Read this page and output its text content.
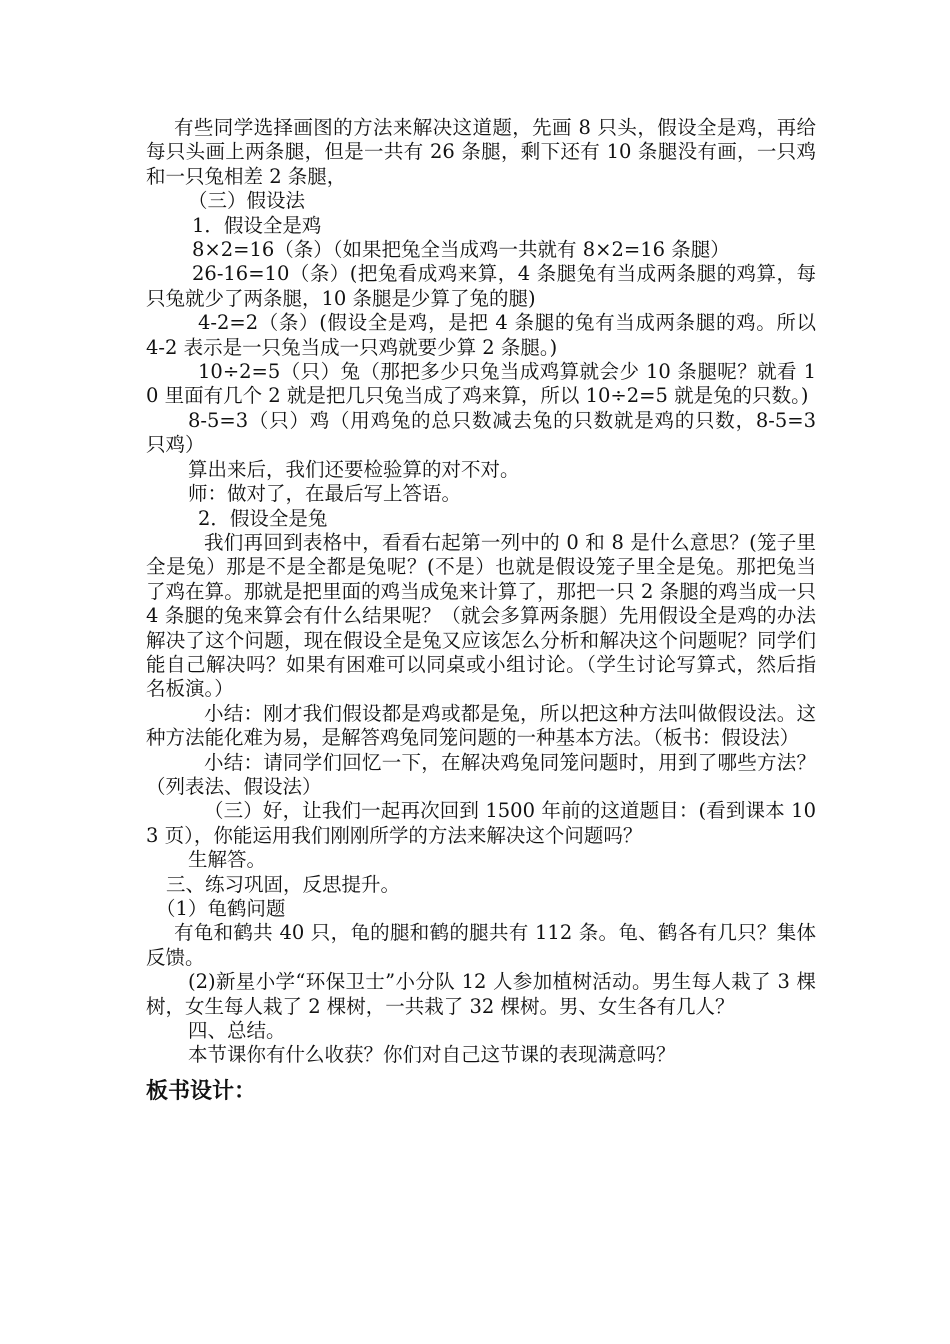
有些同学选择画图的方法来解决这道题，先画 8 只头，假设全是鸡，再给每只头画上两条腿，但是一共有 26 条腿，剩下还有 10 条腿没有画，一只鸡和一只兔相差 2 条腿，

（三）假设法

1．假设全是鸡

8×2=16（条）（如果把兔全当成鸡一共就有 8×2=16 条腿）

26-16=10（条）(把兔看成鸡来算，4 条腿兔有当成两条腿的鸡算，每只兔就少了两条腿，10 条腿是少算了兔的腿)

4-2=2（条）(假设全是鸡，是把 4 条腿的兔有当成两条腿的鸡。所以 4-2 表示是一只兔当成一只鸡就要少算 2 条腿。)

10÷2=5（只）兔（那把多少只兔当成鸡算就会少 10 条腿呢？就看 10 里面有几个 2 就是把几只兔当成了鸡来算，所以 10÷2=5 就是兔的只数。)

8-5=3（只）鸡（用鸡兔的总只数减去兔的只数就是鸡的只数，8-5=3 只鸡）

算出来后，我们还要检验算的对不对。

师：做对了，在最后写上答语。

2．假设全是兔

我们再回到表格中，看看右起第一列中的 0 和 8 是什么意思？(笼子里全是兔）那是不是全都是兔呢？(不是）也就是假设笼子里全是兔。那把兔当了鸡在算。那就是把里面的鸡当成兔来计算了，那把一只 2 条腿的鸡当成一只 4 条腿的兔来算会有什么结果呢？（就会多算两条腿）先用假设全是鸡的办法解决了这个问题，现在假设全是兔又应该怎么分析和解决这个问题呢？同学们能自己解决吗？如果有困难可以同桌或小组讨论。（学生讨论写算式，然后指名板演。）

小结：刚才我们假设都是鸡或都是兔，所以把这种方法叫做假设法。这种方法能化难为易，是解答鸡兔同笼问题的一种基本方法。（板书：假设法）

小结：请同学们回忆一下，在解决鸡兔同笼问题时，用到了哪些方法？（列表法、假设法）

（三）好，让我们一起再次回到 1500 年前的这道题目：(看到课本 103 页），你能运用我们刚刚所学的方法来解决这个问题吗？

生解答。

三、练习巩固，反思提升。

（1）龟鹤问题

有龟和鹤共 40 只，龟的腿和鹤的腿共有 112 条。龟、鹤各有几只？集体反馈。

(2)新星小学“环保卫士”小分队 12 人参加植树活动。男生每人栽了 3 棵树，女生每人栽了 2 棵树，一共栽了 32 棵树。男、女生各有几人？

四、总结。

本节课你有什么收获？你们对自己这节课的表现满意吗？

板书设计：
